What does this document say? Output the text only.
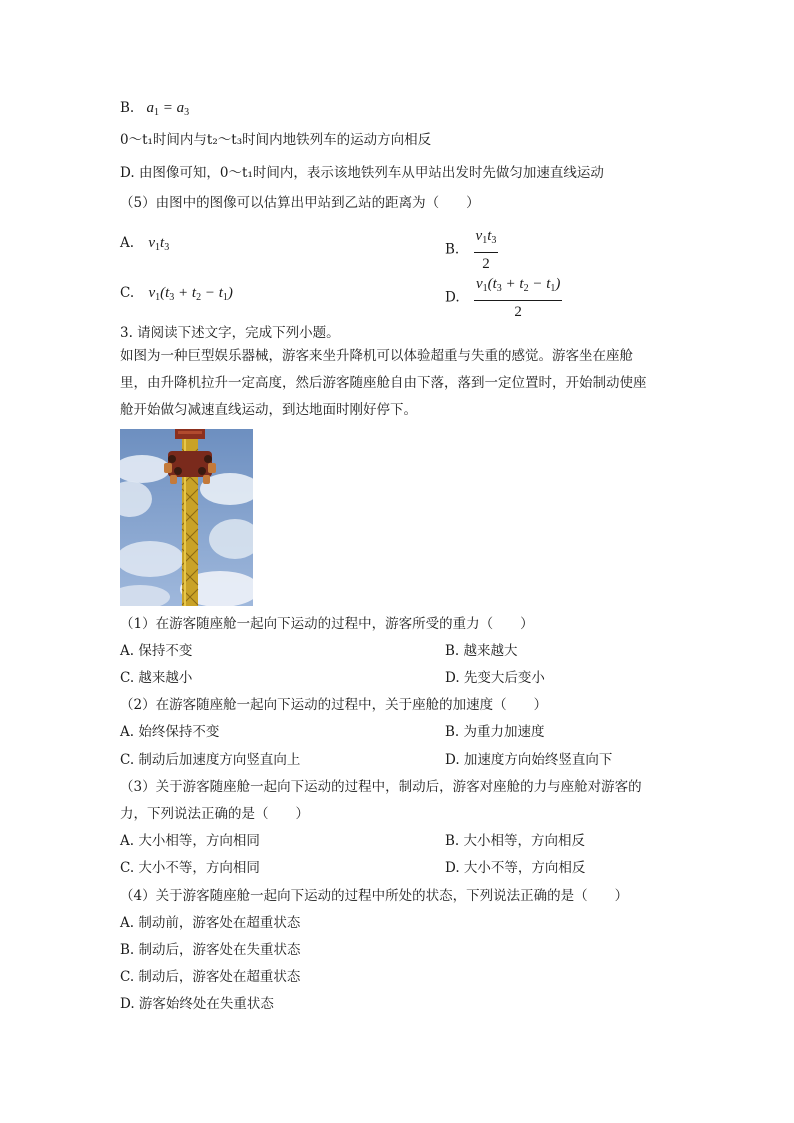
B. $a_1 = a_3$
0～t₁时间内与t₂～t₃时间内地铁列车的运动方向相反
D. 由图像可知，0～t₁时间内，表示该地铁列车从甲站出发时先做匀加速直线运动
（5）由图中的图像可以估算出甲站到乙站的距离为（　　）
A. $v_1t_3$	B. $\frac{v_1t_3}{2}$
C. $v_1(t_3 + t_2 - t_1)$	D. $\frac{v_1(t_3 + t_2 - t_1)}{2}$
3. 请阅读下述文字，完成下列小题。
如图为一种巨型娱乐器械，游客来坐升降机可以体验超重与失重的感觉。游客坐在座舱
里，由升降机拉升一定高度，然后游客随座舱自由下落，落到一定位置时，开始制动使座
舱开始做匀减速直线运动，到达地面时刚好停下。
（1）在游客随座舱一起向下运动的过程中，游客所受的重力（　　）
A. 保持不变	B. 越来越大
C. 越来越小	D. 先变大后变小
（2）在游客随座舱一起向下运动的过程中，关于座舱的加速度（　　）
A. 始终保持不变	B. 为重力加速度
C. 制动后加速度方向竖直向上	D. 加速度方向始终竖直向下
（3）关于游客随座舱一起向下运动的过程中，制动后，游客对座舱的力与座舱对游客的
力，下列说法正确的是（　　）
A. 大小相等，方向相同	B. 大小相等，方向相反
C. 大小不等，方向相同	D. 大小不等，方向相反
（4）关于游客随座舱一起向下运动的过程中所处的状态，下列说法正确的是（　　）
A. 制动前，游客处在超重状态
B. 制动后，游客处在失重状态
C. 制动后，游客处在超重状态
D. 游客始终处在失重状态
